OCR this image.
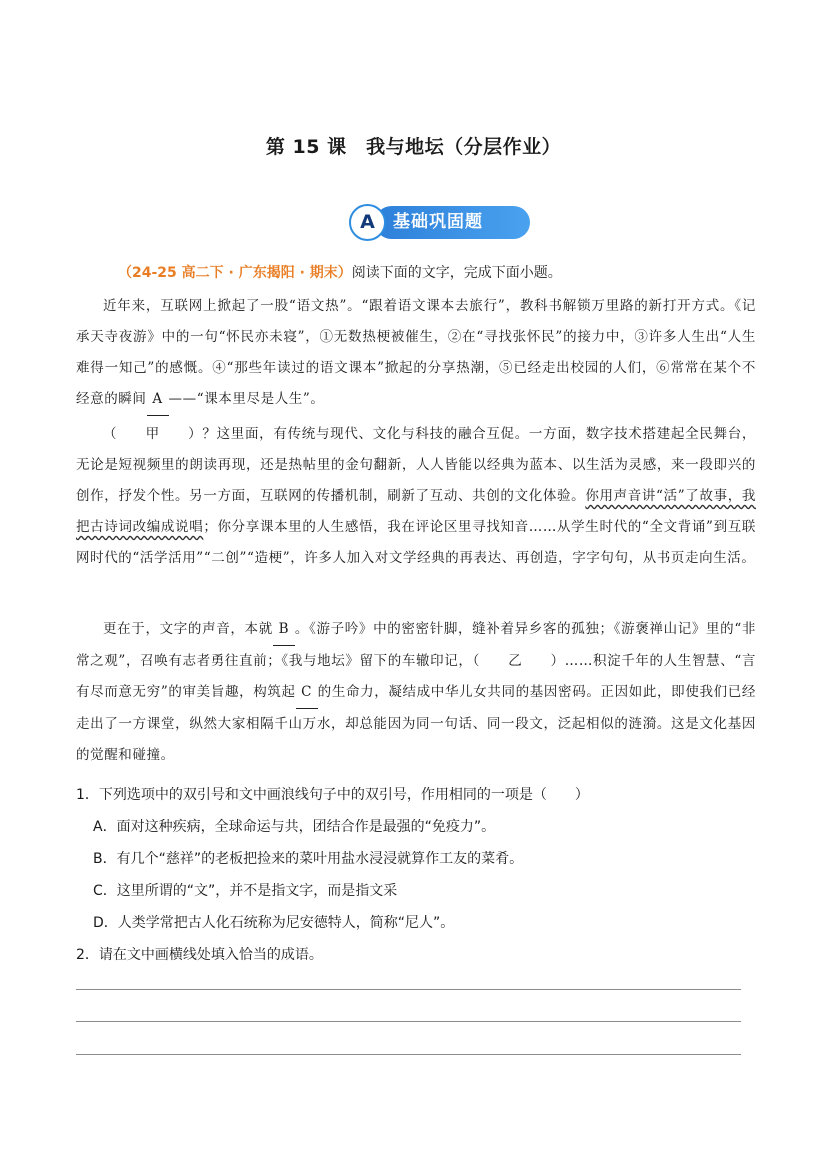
第 15 课　我与地坛（分层作业）
A	基础巩固题
（24-25 高二下 · 广东揭阳 · 期末）阅读下面的文字，完成下面小题。

近年来，互联网上掀起了一股“语文热”。“跟着语文课本去旅行”，教科书解锁万里路的新打开方式。《记承天寺夜游》中的一句“怀民亦未寝”，①无数热梗被催生，②在“寻找张怀民”的接力中，③许多人生出“人生难得一知己”的感慨。④“那些年读过的语文课本”掀起的分享热潮，⑤已经走出校园的人们，⑥常常在某个不经意的瞬间 A ——“课本里尽是人生”。

（　　甲　　）？这里面，有传统与现代、文化与科技的融合互促。一方面，数字技术搭建起全民舞台，无论是短视频里的朗读再现，还是热帖里的金句翻新，人人皆能以经典为蓝本、以生活为灵感，来一段即兴的创作，抒发个性。另一方面，互联网的传播机制，刷新了互动、共创的文化体验。你用声音讲“活”了故事，我把古诗词改编成说唱；你分享课本里的人生感悟，我在评论区里寻找知音……从学生时代的“全文背诵”到互联网时代的“活学活用”“二创”“造梗”，许多人加入对文学经典的再表达、再创造，字字句句，从书页走向生活。

更在于，文字的声音，本就 B 。《游子吟》中的密密针脚，缝补着异乡客的孤独；《游褒禅山记》里的“非常之观”，召唤有志者勇往直前；《我与地坛》留下的车辙印记，（　　乙　　）……积淀千年的人生智慧、“言有尽而意无穷”的审美旨趣，构筑起 C 的生命力，凝结成中华儿女共同的基因密码。正因如此，即使我们已经走出了一方课堂，纵然大家相隔千山万水，却总能因为同一句话、同一段文，泛起相似的涟漪。这是文化基因的觉醒和碰撞。

1．下列选项中的双引号和文中画浪线句子中的双引号，作用相同的一项是（　　）
A．面对这种疾病，全球命运与共，团结合作是最强的“免疫力”。
B．有几个“慈祥”的老板把捡来的菜叶用盐水浸浸就算作工友的菜肴。
C．这里所谓的“文”，并不是指文字，而是指文采
D．人类学常把古人化石统称为尼安德特人，简称“尼人”。
2．请在文中画横线处填入恰当的成语。
